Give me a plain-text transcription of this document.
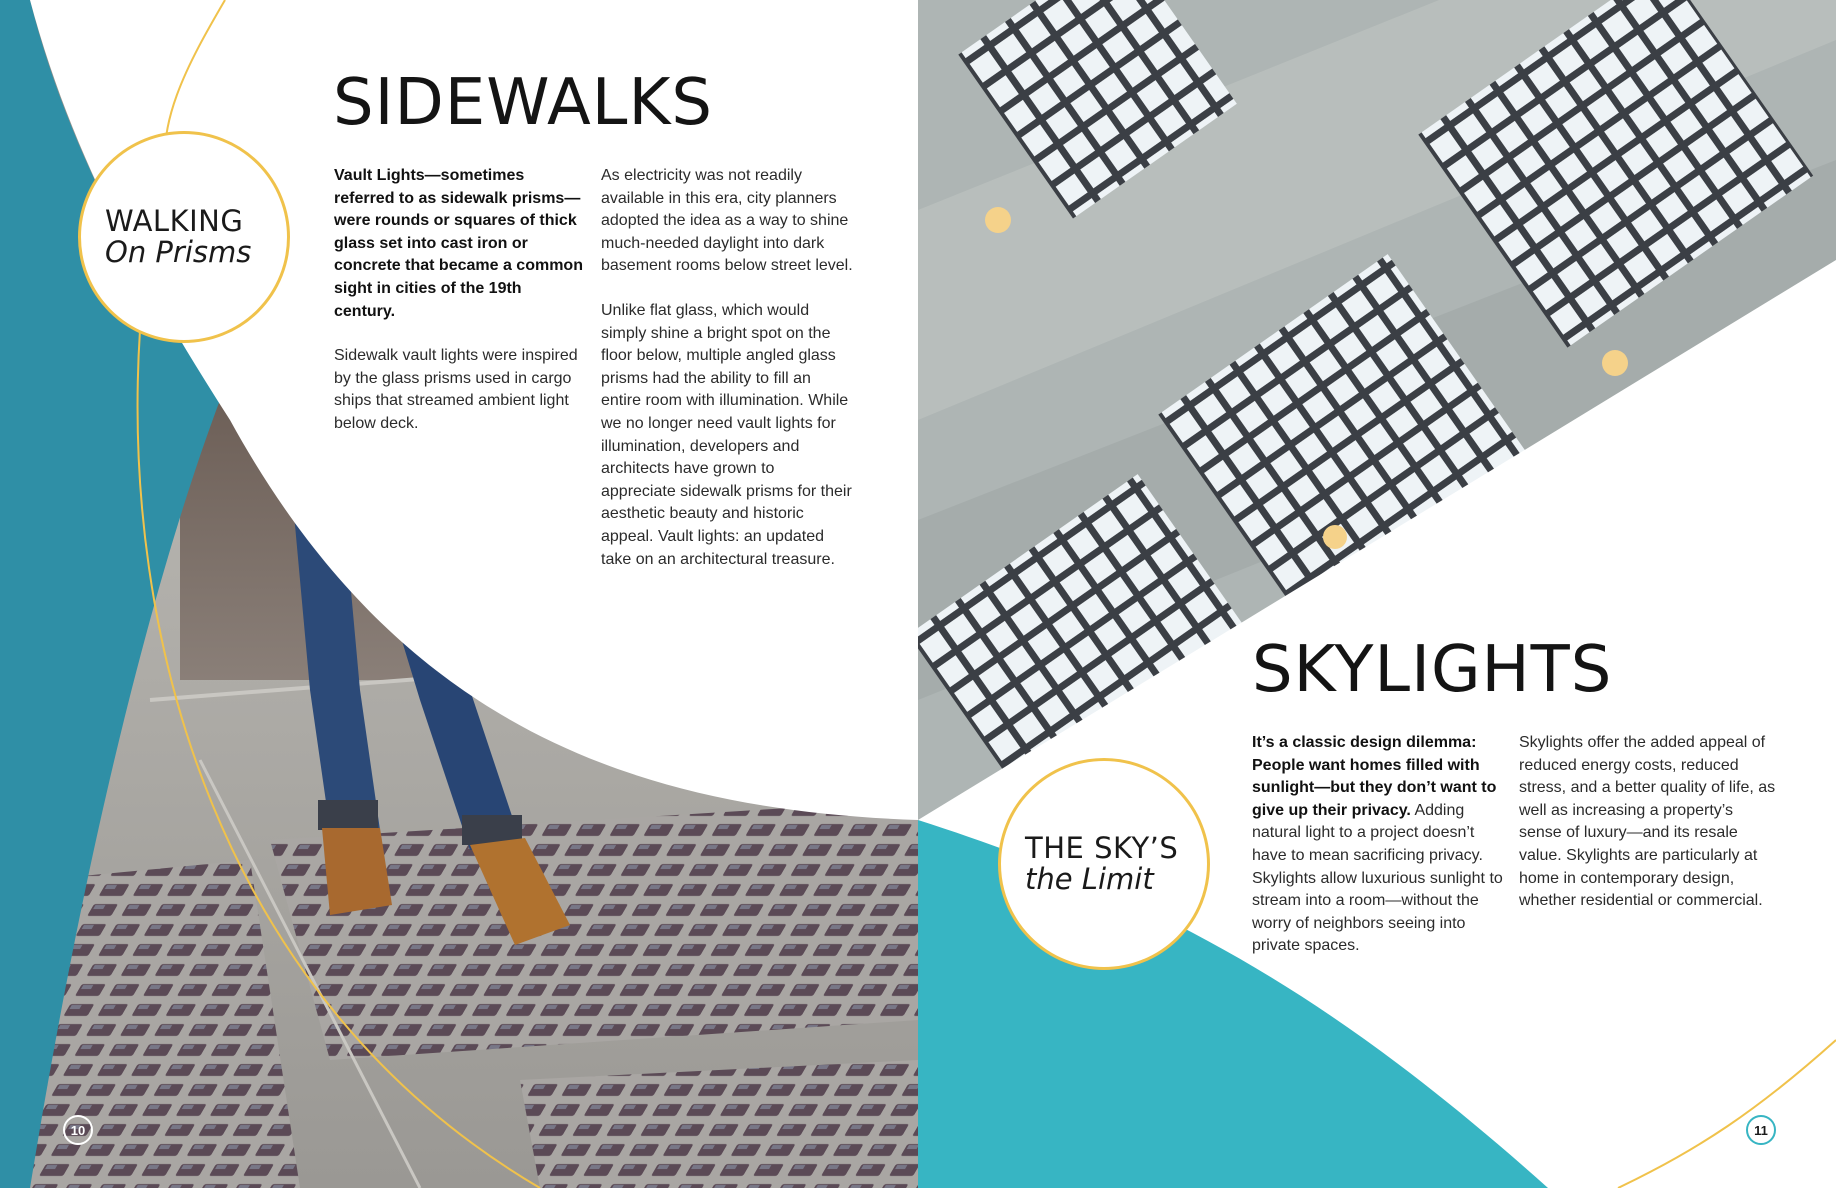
WALKING
On Prisms
SIDEWALKS

Vault Lights—sometimes referred to as sidewalk prisms—were rounds or squares of thick glass set into cast iron or concrete that became a common sight in cities of the 19th century.

Sidewalk vault lights were inspired by the glass prisms used in cargo ships that streamed ambient light below deck.

As electricity was not readily available in this era, city planners adopted the idea as a way to shine much-needed daylight into dark basement rooms below street level.

Unlike flat glass, which would simply shine a bright spot on the floor below, multiple angled glass prisms had the ability to fill an entire room with illumination. While we no longer need vault lights for illumination, developers and architects have grown to appreciate sidewalk prisms for their aesthetic beauty and historic appeal. Vault lights: an updated take on an architectural treasure.

10
THE SKY’S
the Limit
SKYLIGHTS

It’s a classic design dilemma: People want homes filled with sunlight—but they don’t want to give up their privacy. Adding natural light to a project doesn’t have to mean sacrificing privacy. Skylights allow luxurious sunlight to stream into a room—without the worry of neighbors seeing into private spaces.

Skylights offer the added appeal of reduced energy costs, reduced stress, and a better quality of life, as well as increasing a property’s sense of luxury—and its resale value. Skylights are particularly at home in contemporary design, whether residential or commercial.

11
